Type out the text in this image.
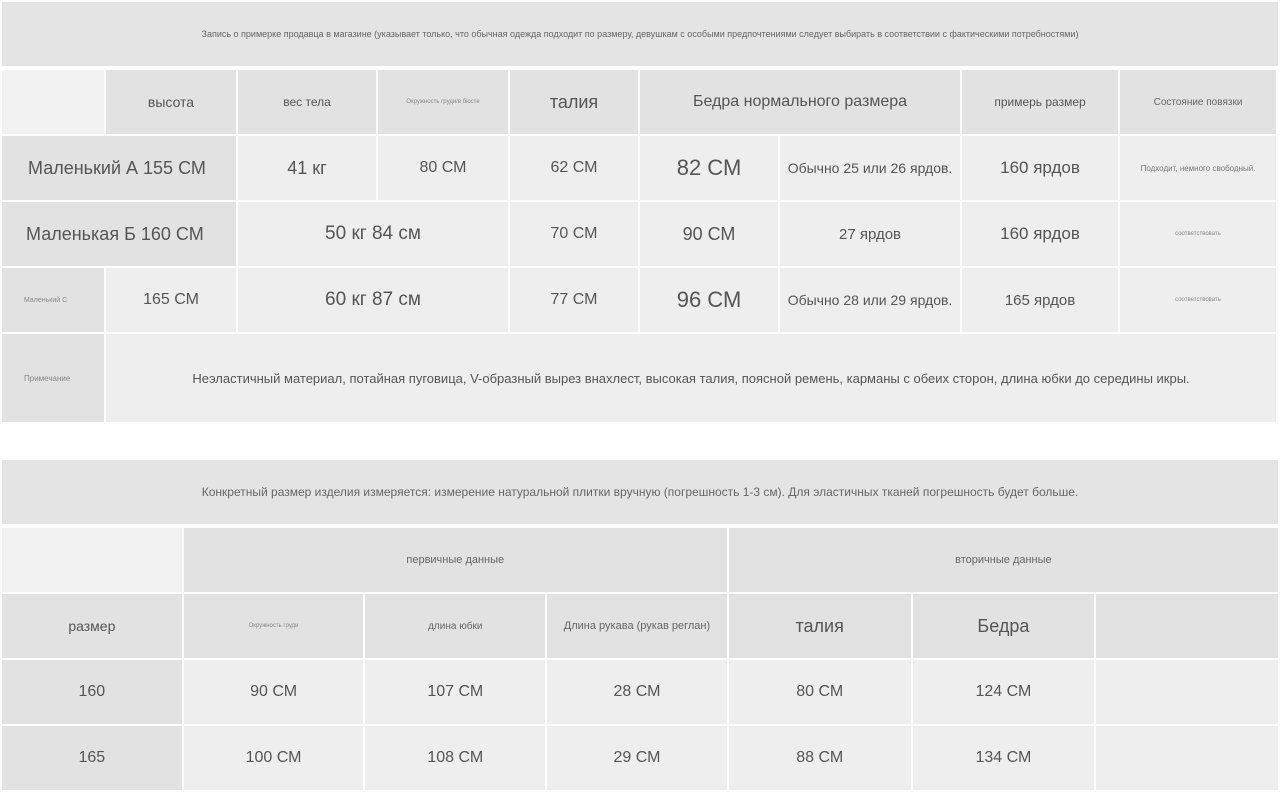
Запись о примерке продавца в магазине (указывает только, что обычная одежда подходит по размеру, девушкам с особыми предпочтениями следует выбирать в соответствии с фактическими потребностями)
	высота	вес тела	Окружность груди/в бюсте	талия	Бедра нормального размера		примерь размер	Состояние повязки
Маленький А 155 СМ		41 кг	80 СМ	62 СМ	82 СМ	Обычно 25 или 26 ярдов.	160 ярдов	Подходит, немного свободный.
Маленькая Б 160 СМ		50 кг 84 см		70 СМ	90 СМ	27 ярдов	160 ярдов	соответствовать
Маленький С	165 СМ	60 кг 87 см		77 СМ	96 СМ	Обычно 28 или 29 ярдов.	165 ярдов	соответствовать
Примечание	Неэластичный материал, потайная пуговица, V-образный вырез внахлест, высокая талия, поясной ремень, карманы с обеих сторон, длина юбки до середины икры.							
Конкретный размер изделия измеряется: измерение натуральной плитки вручную (погрешность 1-3 см). Для эластичных тканей погрешность будет больше.
	первичные данные			вторичные данные		
размер	Окружность груди	длина юбки	Длина рукава (рукав реглан)	талия	Бедра	
160	90 СМ	107 СМ	28 СМ	80 СМ	124 СМ	
165	100 СМ	108 СМ	29 СМ	88 СМ	134 СМ	
